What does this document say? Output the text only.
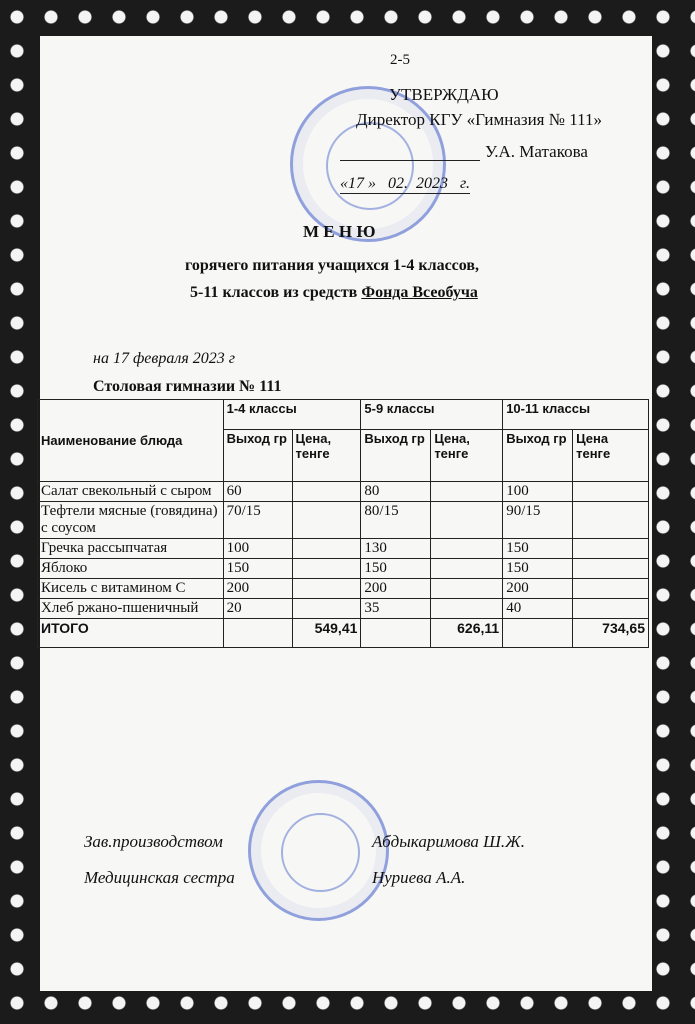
2-5
УТВЕРЖДАЮ
Директор КГУ «Гимназия № 111»
У.А. Матакова
«17 »   02.  2023   г.
М Е Н Ю
горячего питания учащихся 1-4 классов,
5-11 классов из средств Фонда Всеобуча
на 17 февраля 2023 г
Столовая гимназии № 111
Наименование блюда	1-4 классы		5-9 классы		10-11 классы	
	Выход гр	Цена, тенге	Выход гр	Цена, тенге	Выход гр	Цена тенге
Салат свекольный с сыром	60		80		100	
Тефтели мясные (говядина) с соусом	70/15		80/15		90/15	
Гречка рассыпчатая	100		130		150	
Яблоко	150		150		150	
Кисель с витамином С	200		200		200	
Хлеб ржано-пшеничный	20		35		40	
ИТОГО		549,41		626,11		734,65
Зав.производством	Абдыкаримова Ш.Ж.
Медицинская сестра	Нуриева А.А.
